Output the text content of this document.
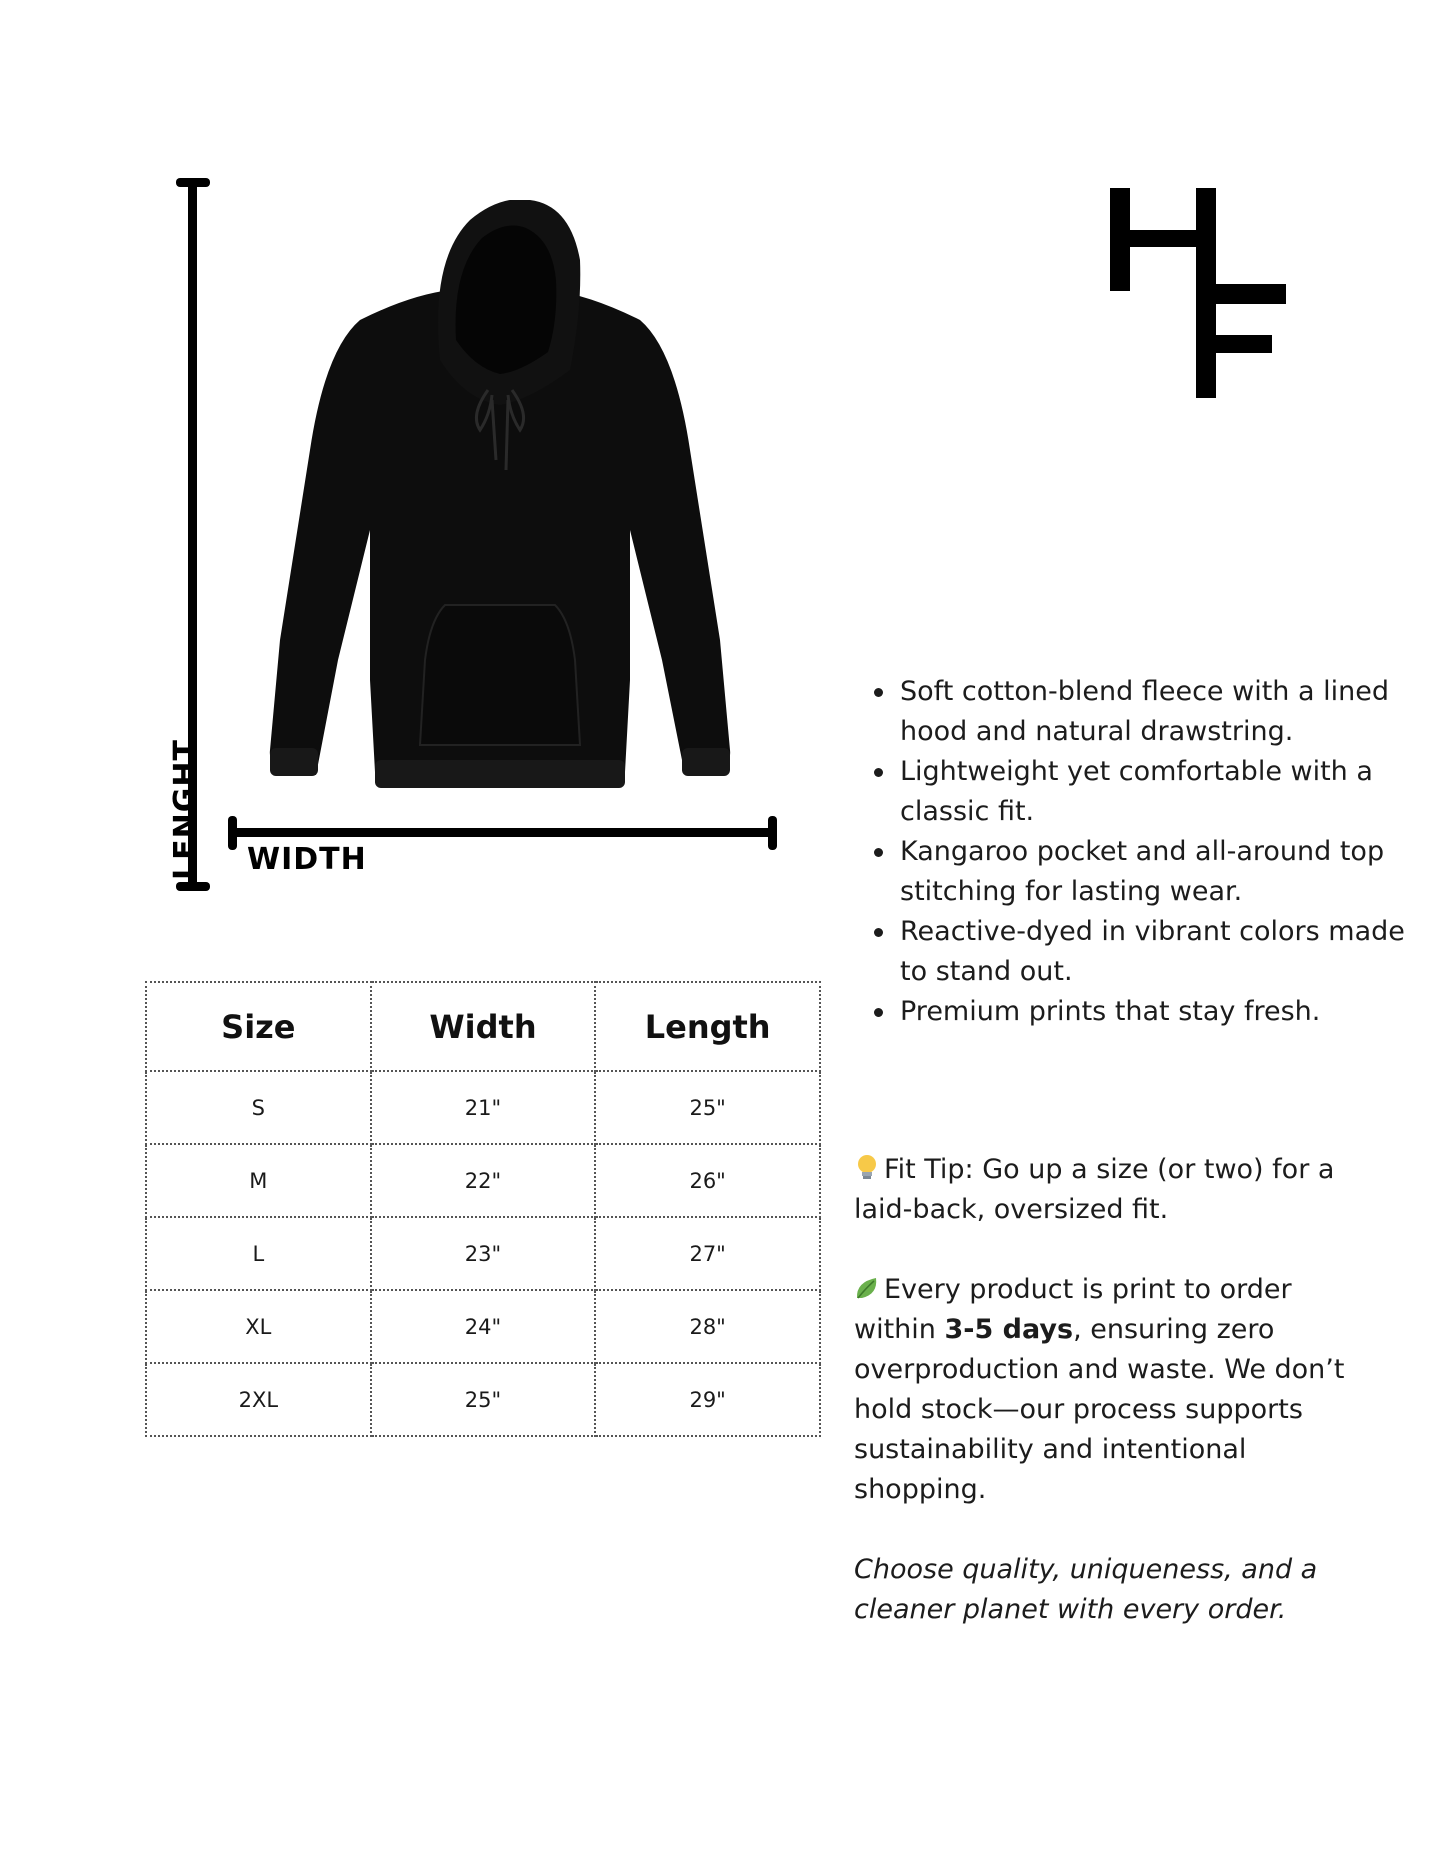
LENGHT WIDTH
Size	Width	Length
S	21"	25"
M	22"	26"
L	23"	27"
XL	24"	28"
2XL	25"	29"
Soft cotton-blend fleece with a lined hood and natural drawstring.
Lightweight yet comfortable with a classic fit.
Kangaroo pocket and all-around top stitching for lasting wear.
Reactive-dyed in vibrant colors made to stand out.
Premium prints that stay fresh.

Fit Tip: Go up a size (or two) for a laid-back, oversized fit.

Every product is print to order within 3-5 days, ensuring zero overproduction and waste. We don’t hold stock—our process supports sustainability and intentional shopping.

Choose quality, uniqueness, and a cleaner planet with every order.
